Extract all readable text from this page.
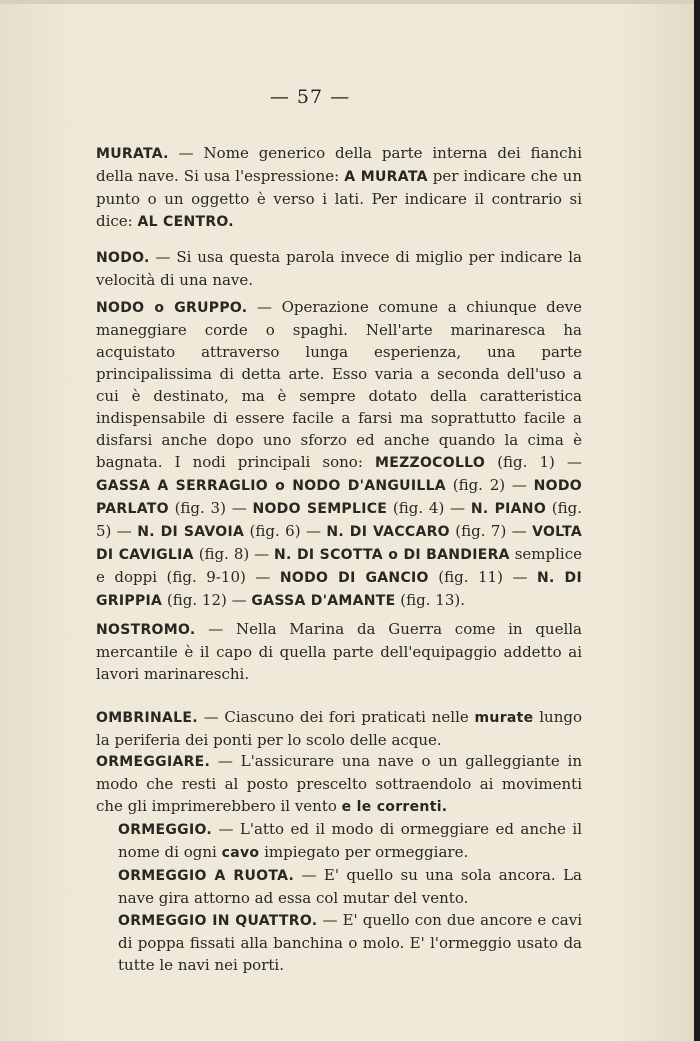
— 57 —

MURATA. — Nome generico della parte interna dei fianchi della nave. Si usa l'espressione: A MURATA per indicare che un punto o un oggetto è verso i lati. Per indicare il contrario si dice: AL CENTRO.

NODO. — Si usa questa parola invece di miglio per indicare la velocità di una nave.

NODO o GRUPPO. — Operazione comune a chiunque deve maneggiare corde o spaghi. Nell'arte marinaresca ha acquistato attraverso lunga esperienza, una parte principalissima di detta arte. Esso varia a seconda dell'uso a cui è destinato, ma è sempre dotato della caratteristica indispensabile di essere facile a farsi ma soprattutto facile a disfarsi anche dopo uno sforzo ed anche quando la cima è bagnata. I nodi principali sono: MEZZOCOLLO (fig. 1) — GASSA A SERRAGLIO o NODO D'ANGUILLA (fig. 2) — NODO PARLATO (fig. 3) — NODO SEMPLICE (fig. 4) — N. PIANO (fig. 5) — N. DI SAVOIA (fig. 6) — N. DI VACCARO (fig. 7) — VOLTA DI CAVIGLIA (fig. 8) — N. DI SCOTTA o DI BANDIERA semplice e doppi (fig. 9-10) — NODO DI GANCIO (fig. 11) — N. DI GRIPPIA (fig. 12) — GASSA D'AMANTE (fig. 13).

NOSTROMO. — Nella Marina da Guerra come in quella mercantile è il capo di quella parte dell'equipaggio addetto ai lavori marinareschi.

OMBRINALE. — Ciascuno dei fori praticati nelle murate lungo la periferia dei ponti per lo scolo delle acque.

ORMEGGIARE. — L'assicurare una nave o un galleggiante in modo che resti al posto prescelto sottraendolo ai movimenti che gli imprimerebbero il vento e le correnti.

ORMEGGIO. — L'atto ed il modo di ormeggiare ed anche il nome di ogni cavo impiegato per ormeggiare.

ORMEGGIO A RUOTA. — E' quello su una sola ancora. La nave gira attorno ad essa col mutar del vento.

ORMEGGIO IN QUATTRO. — E' quello con due ancore e cavi di poppa fissati alla banchina o molo. E' l'ormeggio usato da tutte le navi nei porti.
